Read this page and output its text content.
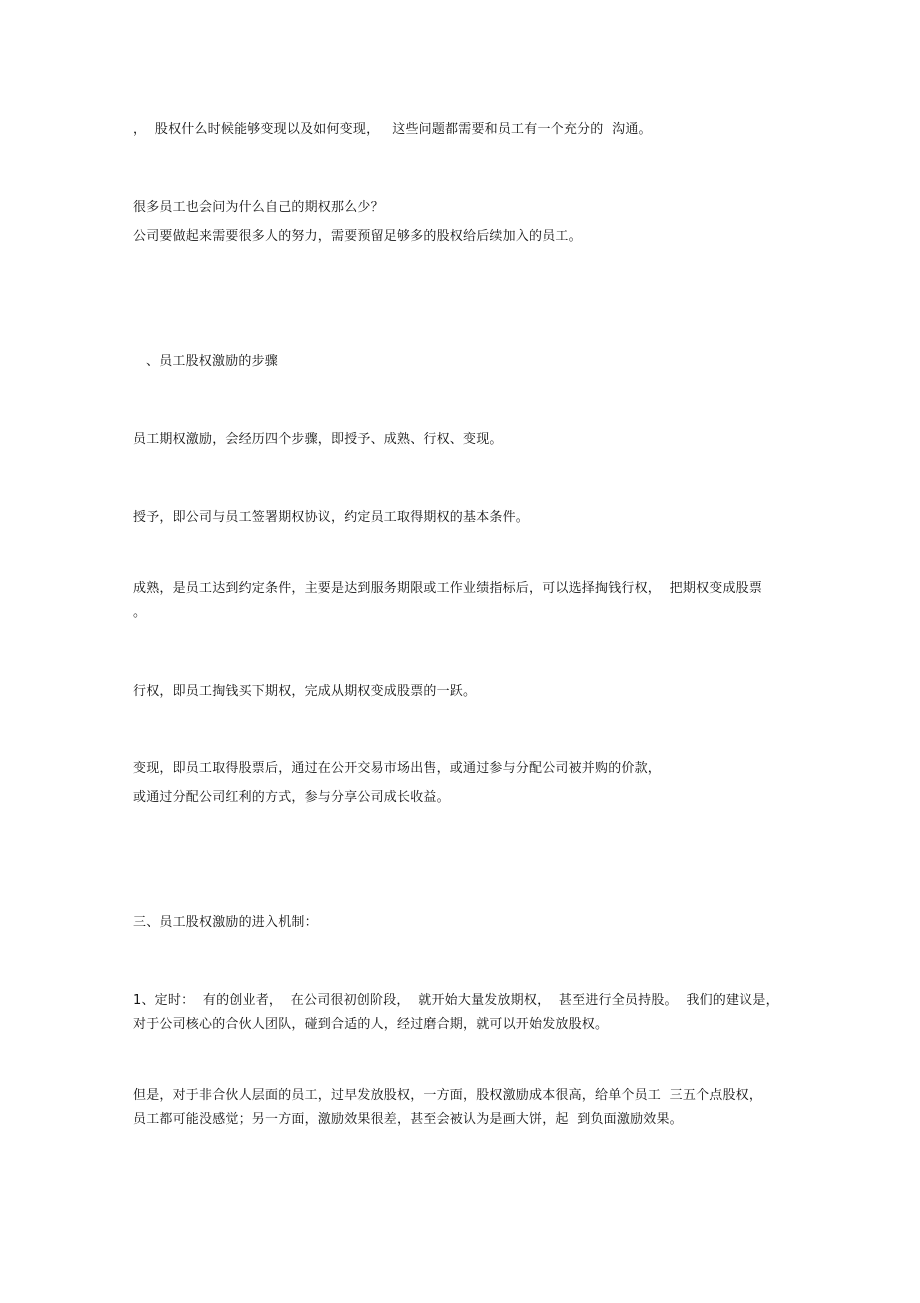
，  股权什么时候能够变现以及如何变现，   这些问题都需要和员工有一个充分的  沟通。
很多员工也会问为什么自己的期权那么少？
公司要做起来需要很多人的努力，需要预留足够多的股权给后续加入的员工。
、员工股权激励的步骤
员工期权激励，会经历四个步骤，即授予、成熟、行权、变现。
授予，即公司与员工签署期权协议，约定员工取得期权的基本条件。
成熟，是员工达到约定条件，主要是达到服务期限或工作业绩指标后，可以选择掏钱行权，  把期权变成股票
。
行权，即员工掏钱买下期权，完成从期权变成股票的一跃。
变现，即员工取得股票后，通过在公开交易市场出售，或通过参与分配公司被并购的价款，
或通过分配公司红利的方式，参与分享公司成长收益。
三、员工股权激励的进入机制：
1、定时：  有的创业者，  在公司很初创阶段，  就开始大量发放期权，  甚至进行全员持股。  我们的建议是，
对于公司核心的合伙人团队，碰到合适的人，经过磨合期，就可以开始发放股权。
但是，对于非合伙人层面的员工，过早发放股权，一方面，股权激励成本很高，给单个员工  三五个点股权，
员工都可能没感觉；另一方面，激励效果很差，甚至会被认为是画大饼，起  到负面激励效果。
